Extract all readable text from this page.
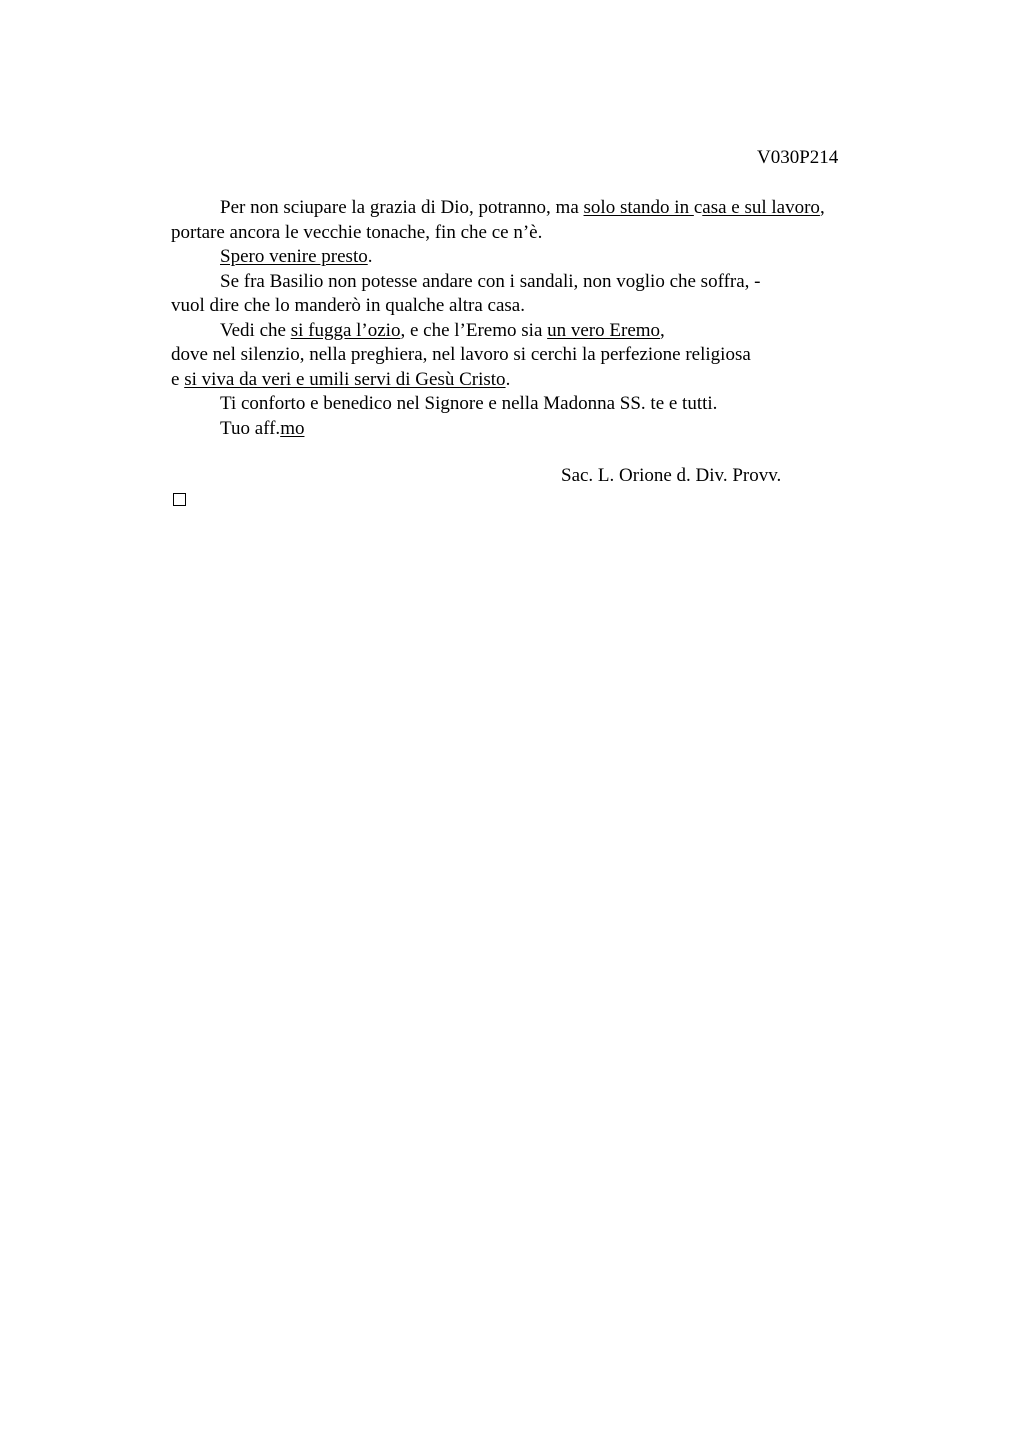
V030P214
Per non sciupare la grazia di Dio, potranno, ma solo stando in casa e sul lavoro,
portare ancora le vecchie tonache, fin che ce n’è.
Spero venire presto.
Se fra Basilio non potesse andare con i sandali, non voglio che soffra, -
vuol dire che lo manderò in qualche altra casa.
Vedi che si fugga l’ozio, e che l’Eremo sia un vero Eremo,
dove nel silenzio, nella preghiera, nel lavoro si cerchi la perfezione religiosa
e si viva da veri e umili servi di Gesù Cristo.
Ti conforto e benedico nel Signore e nella Madonna SS. te e tutti.
Tuo aff.mo
Sac. L. Orione d. Div. Provv.
